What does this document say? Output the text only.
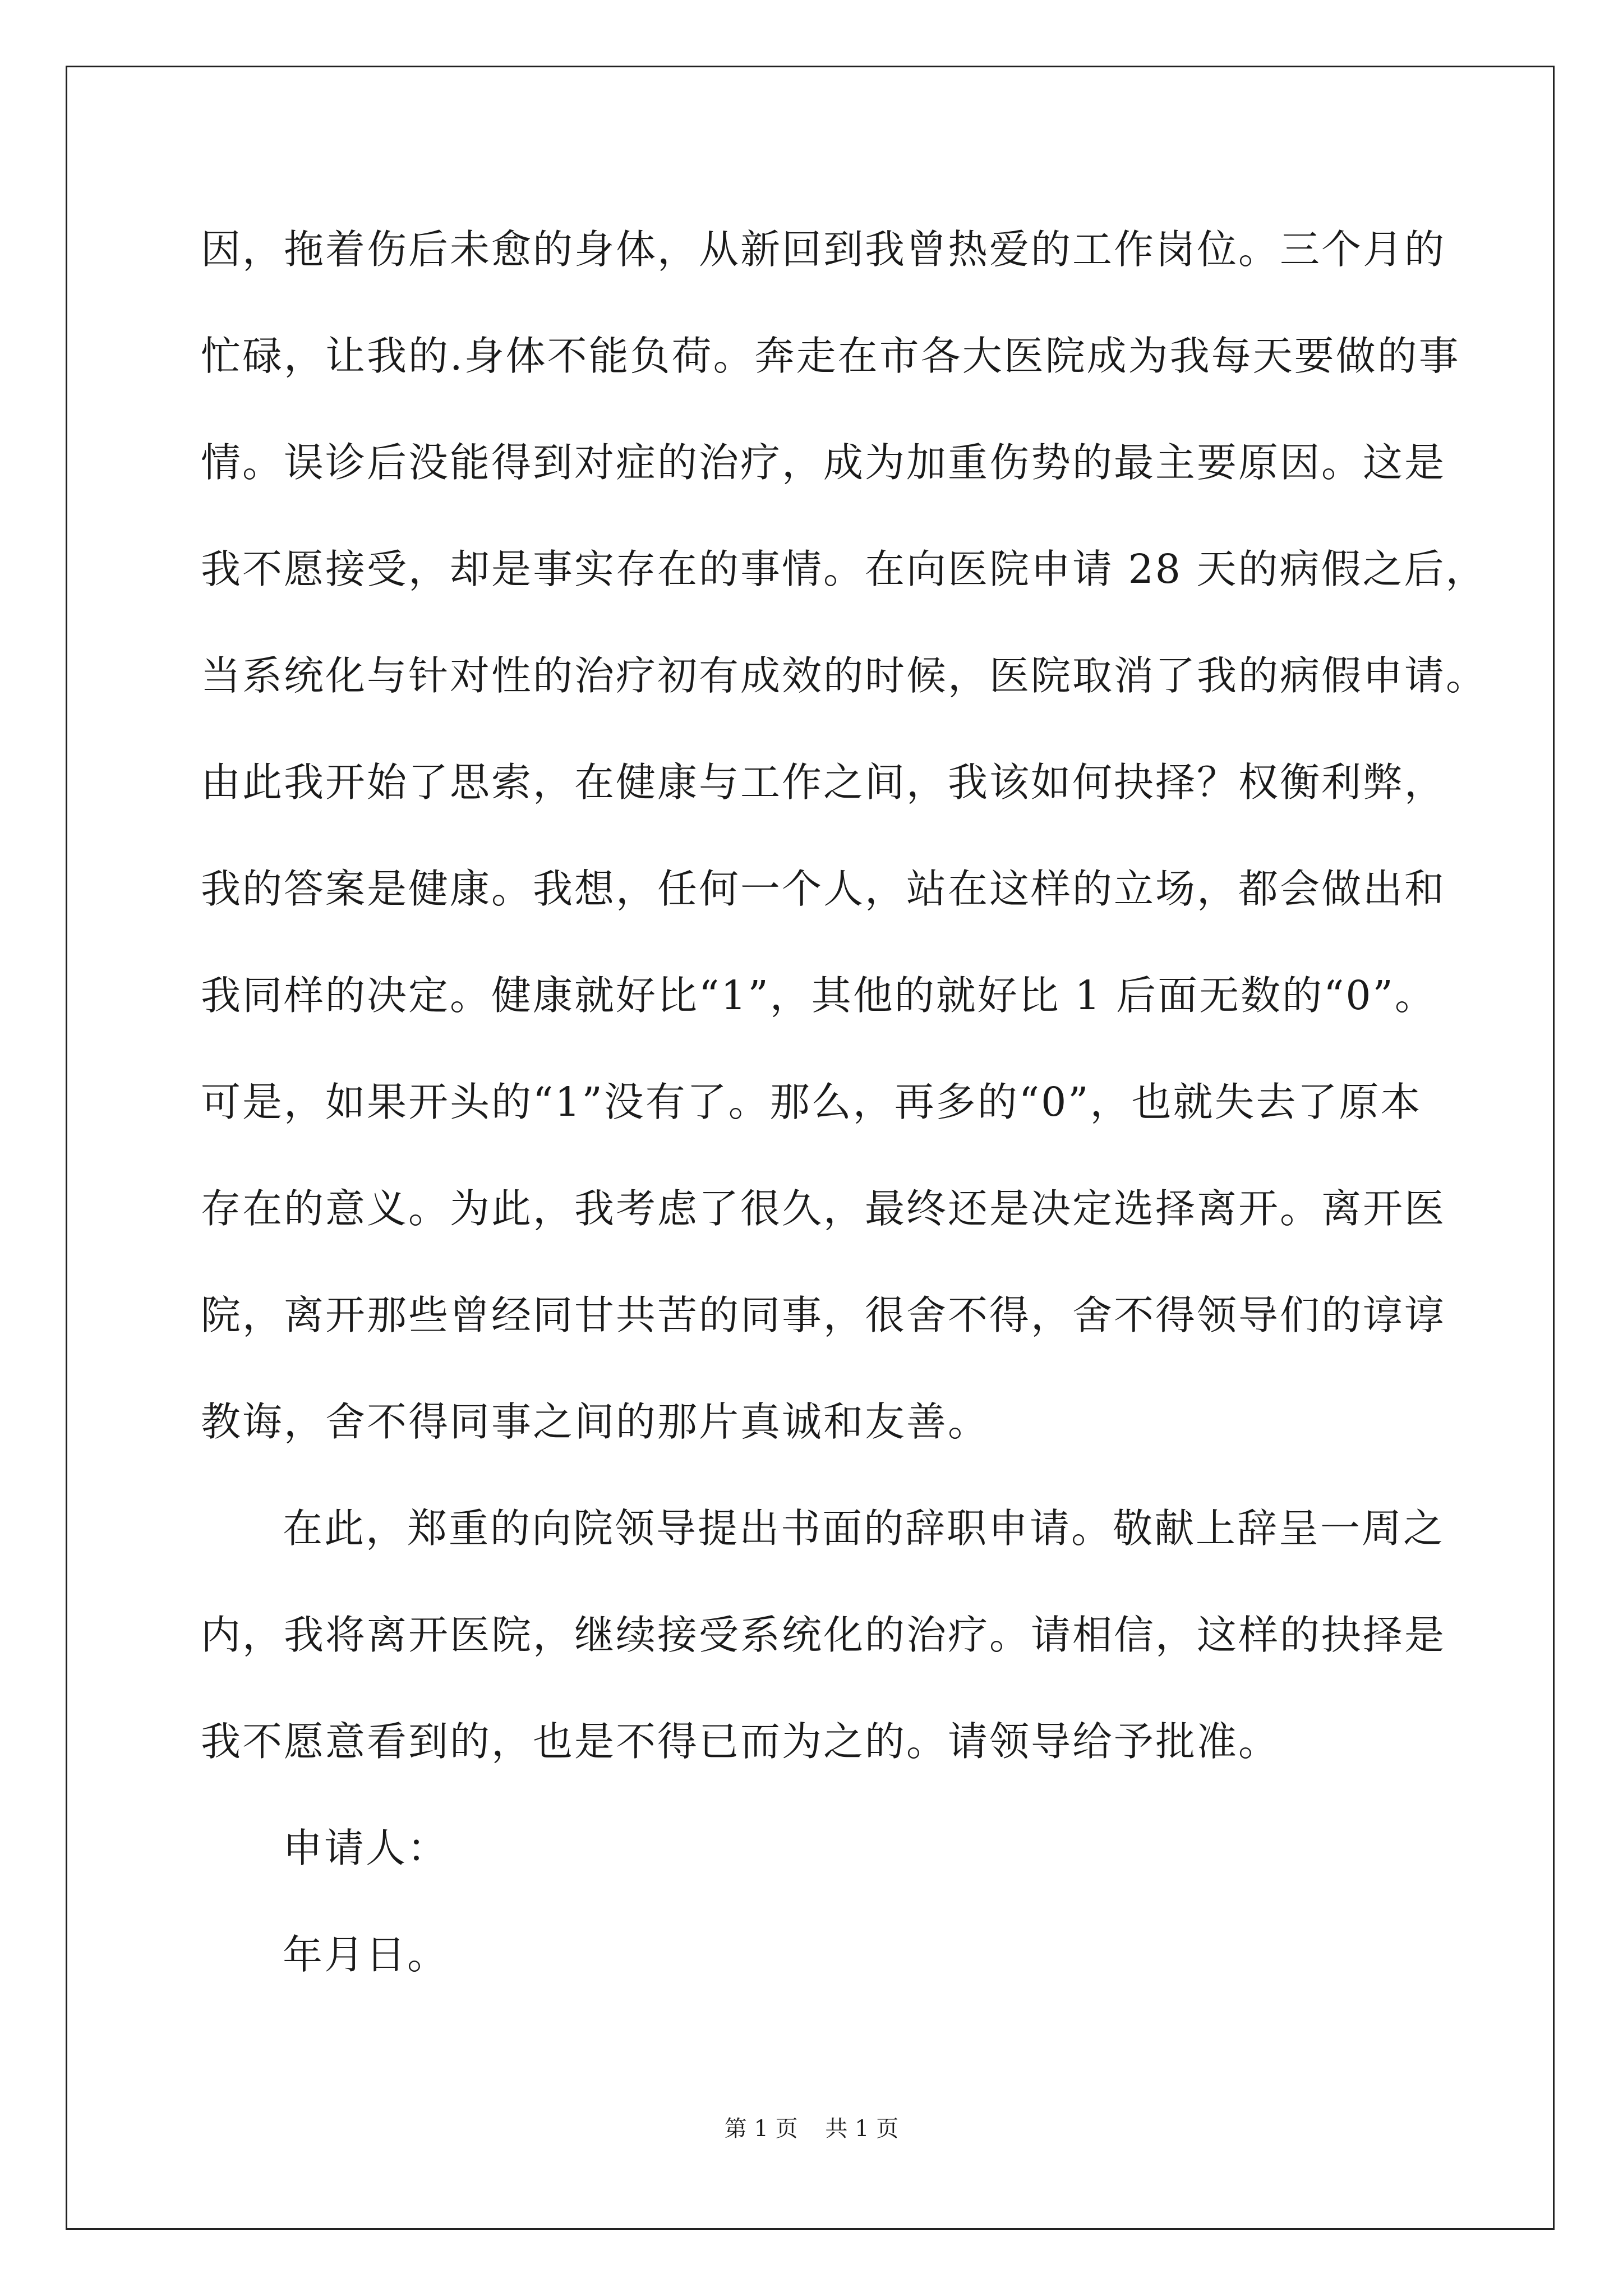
因，拖着伤后未愈的身体，从新回到我曾热爱的工作岗位。三个月的

忙碌，让我的.身体不能负荷。奔走在市各大医院成为我每天要做的事

情。误诊后没能得到对症的治疗，成为加重伤势的最主要原因。这是

我不愿接受，却是事实存在的事情。在向医院申请 28 天的病假之后，

当系统化与针对性的治疗初有成效的时候，医院取消了我的病假申请。

由此我开始了思索，在健康与工作之间，我该如何抉择？权衡利弊，

我的答案是健康。我想，任何一个人，站在这样的立场，都会做出和

我同样的决定。健康就好比“1”，其他的就好比 1 后面无数的“0”。

可是，如果开头的“1”没有了。那么，再多的“0”，也就失去了原本

存在的意义。为此，我考虑了很久，最终还是决定选择离开。离开医

院，离开那些曾经同甘共苦的同事，很舍不得，舍不得领导们的谆谆

教诲，舍不得同事之间的那片真诚和友善。

在此，郑重的向院领导提出书面的辞职申请。敬献上辞呈一周之

内，我将离开医院，继续接受系统化的治疗。请相信，这样的抉择是

我不愿意看到的，也是不得已而为之的。请领导给予批准。

申请人：

年月日。

第 1 页 共 1 页
